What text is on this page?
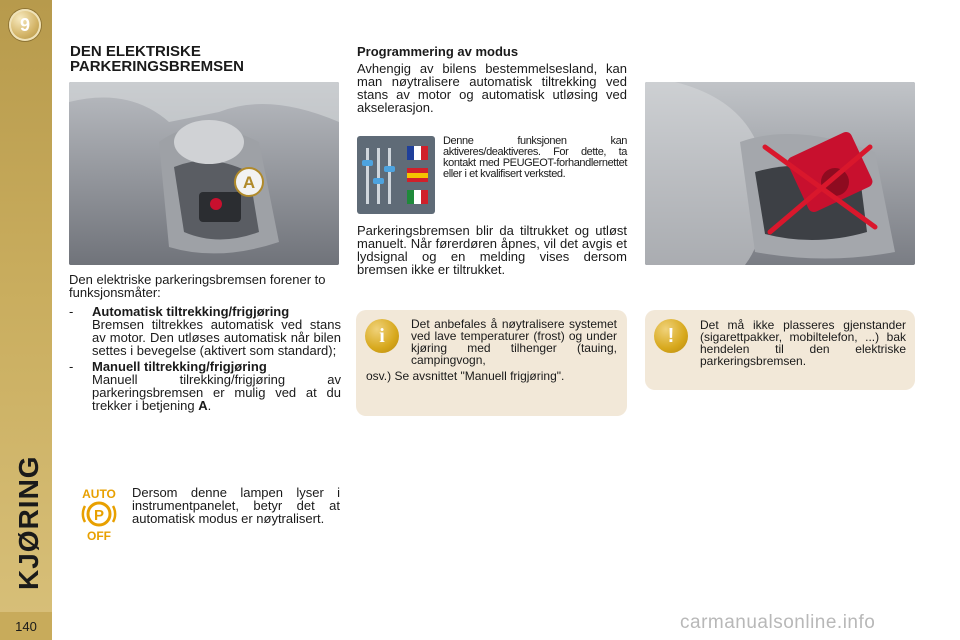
9
KJØRING
140
DEN ELEKTRISKE PARKERINGSBREMSEN
A
Den elektriske parkeringsbremsen forener to funksjonsmåter:
-	Automatisk tiltrekking/frigjøring
Bremsen tiltrekkes automatisk ved stans av motor. Den utløses automatisk når bilen settes i bevegelse (aktivert som standard);
-	Manuell tiltrekking/frigjøring
Manuell tilrekking/frigjøring av parkeringsbremsen er mulig ved at du trekker i betjening A.
AUTO
P
OFF
Dersom denne lampen lyser i instrumentpanelet, betyr det at automatisk modus er nøytralisert.
Programmering av modus
Avhengig av bilens bestemmelsesland, kan man nøytralisere automatisk tiltrekking ved stans av motor og automatisk utløsing ved akselerasjon.
Denne funksjonen kan aktiveres/deaktiveres. For dette, ta kontakt med PEUGEOT-forhandlernettet eller i et kvalifisert verksted.
Parkeringsbremsen blir da tiltrukket og utløst manuelt. Når førerdøren åpnes, vil det avgis et lydsignal og en melding vises dersom bremsen ikke er tiltrukket.
i
Det anbefales å nøytralisere systemet ved lave temperaturer (frost) og under kjøring med tilhenger (tauing, campingvogn,
osv.) Se avsnittet "Manuell frigjøring".
!	Det må ikke plasseres gjenstander (sigarettpakker, mobiltelefon, ...) bak hendelen til den elektriske parkeringsbremsen.
carmanualsonline.info
